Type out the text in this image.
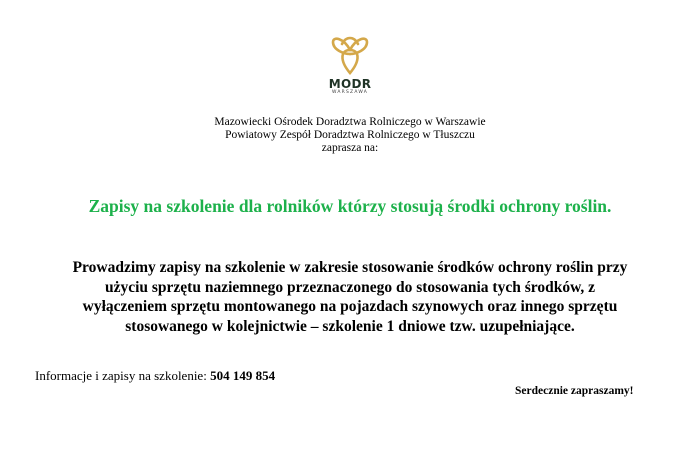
MODR
WARSZAWA
Mazowiecki Ośrodek Doradztwa Rolniczego w Warszawie
Powiatowy Zespół Doradztwa Rolniczego w Tłuszczu
zaprasza na:
Zapisy na szkolenie dla rolników którzy stosują środki ochrony roślin.
Prowadzimy zapisy na szkolenie w zakresie stosowanie środków ochrony roślin przy
użyciu sprzętu naziemnego przeznaczonego do stosowania tych środków, z
wyłączeniem sprzętu montowanego na pojazdach szynowych oraz innego sprzętu
stosowanego w kolejnictwie – szkolenie 1 dniowe tzw. uzupełniające.
Informacje i zapisy na szkolenie: 504 149 854
Serdecznie zapraszamy!
